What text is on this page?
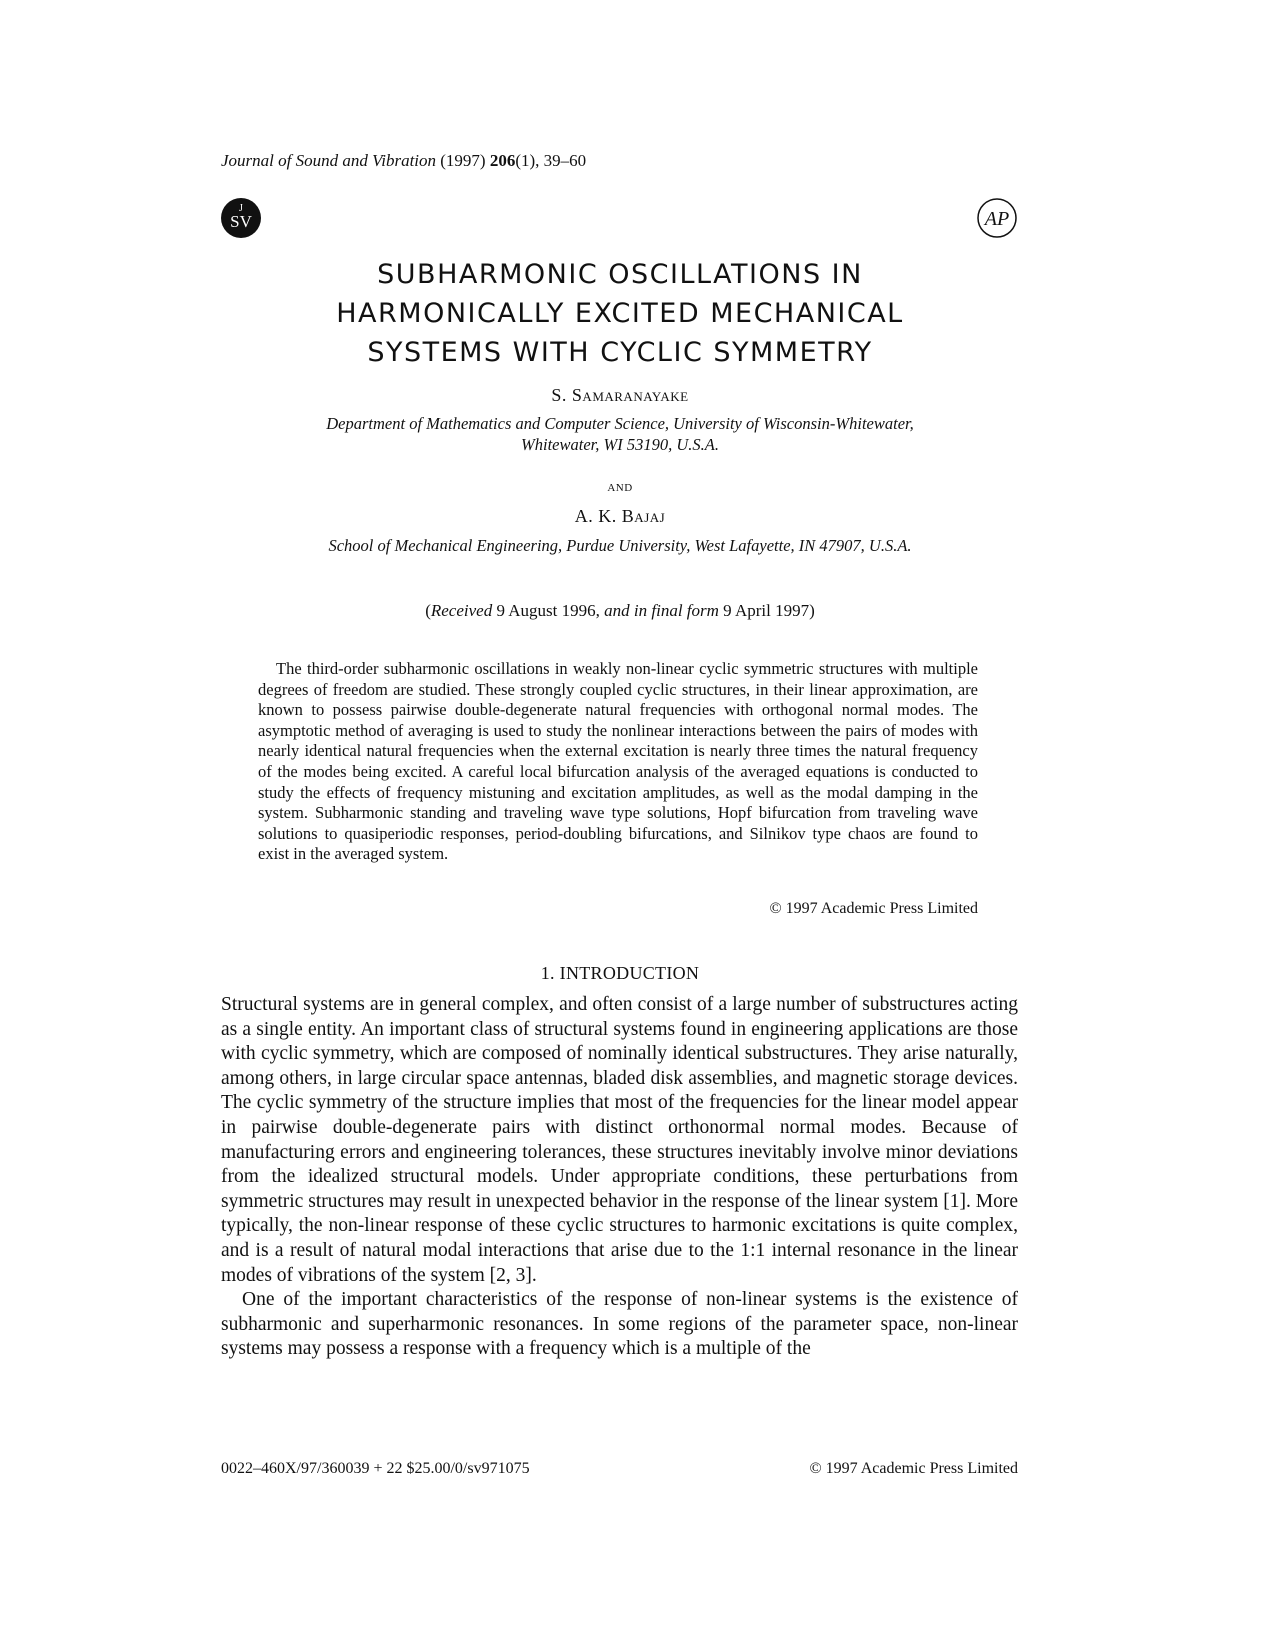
Journal of Sound and Vibration (1997) 206(1), 39–60
J
SV	AP
SUBHARMONIC OSCILLATIONS IN
HARMONICALLY EXCITED MECHANICAL
SYSTEMS WITH CYCLIC SYMMETRY
S. Samaranayake
Department of Mathematics and Computer Science, University of Wisconsin-Whitewater,
Whitewater, WI 53190, U.S.A.
and
A. K. Bajaj
School of Mechanical Engineering, Purdue University, West Lafayette, IN 47907, U.S.A.
(Received 9 August 1996, and in final form 9 April 1997)
The third-order subharmonic oscillations in weakly non-linear cyclic symmetric structures with multiple degrees of freedom are studied. These strongly coupled cyclic structures, in their linear approximation, are known to possess pairwise double-degenerate natural frequencies with orthogonal normal modes. The asymptotic method of averaging is used to study the nonlinear interactions between the pairs of modes with nearly identical natural frequencies when the external excitation is nearly three times the natural frequency of the modes being excited. A careful local bifurcation analysis of the averaged equations is conducted to study the effects of frequency mistuning and excitation amplitudes, as well as the modal damping in the system. Subharmonic standing and traveling wave type solutions, Hopf bifurcation from traveling wave solutions to quasiperiodic responses, period-doubling bifurcations, and Silnikov type chaos are found to exist in the averaged system.
© 1997 Academic Press Limited
1. INTRODUCTION

Structural systems are in general complex, and often consist of a large number of substructures acting as a single entity. An important class of structural systems found in engineering applications are those with cyclic symmetry, which are composed of nominally identical substructures. They arise naturally, among others, in large circular space antennas, bladed disk assemblies, and magnetic storage devices. The cyclic symmetry of the structure implies that most of the frequencies for the linear model appear in pairwise double-degenerate pairs with distinct orthonormal normal modes. Because of manufacturing errors and engineering tolerances, these structures inevitably involve minor deviations from the idealized structural models. Under appropriate conditions, these perturbations from symmetric structures may result in unexpected behavior in the response of the linear system [1]. More typically, the non-linear response of these cyclic structures to harmonic excitations is quite complex, and is a result of natural modal interactions that arise due to the 1:1 internal resonance in the linear modes of vibrations of the system [2, 3].

One of the important characteristics of the response of non-linear systems is the existence of subharmonic and superharmonic resonances. In some regions of the parameter space, non-linear systems may possess a response with a frequency which is a multiple of the

0022–460X/97/360039 + 22 $25.00/0/sv971075	© 1997 Academic Press Limited
